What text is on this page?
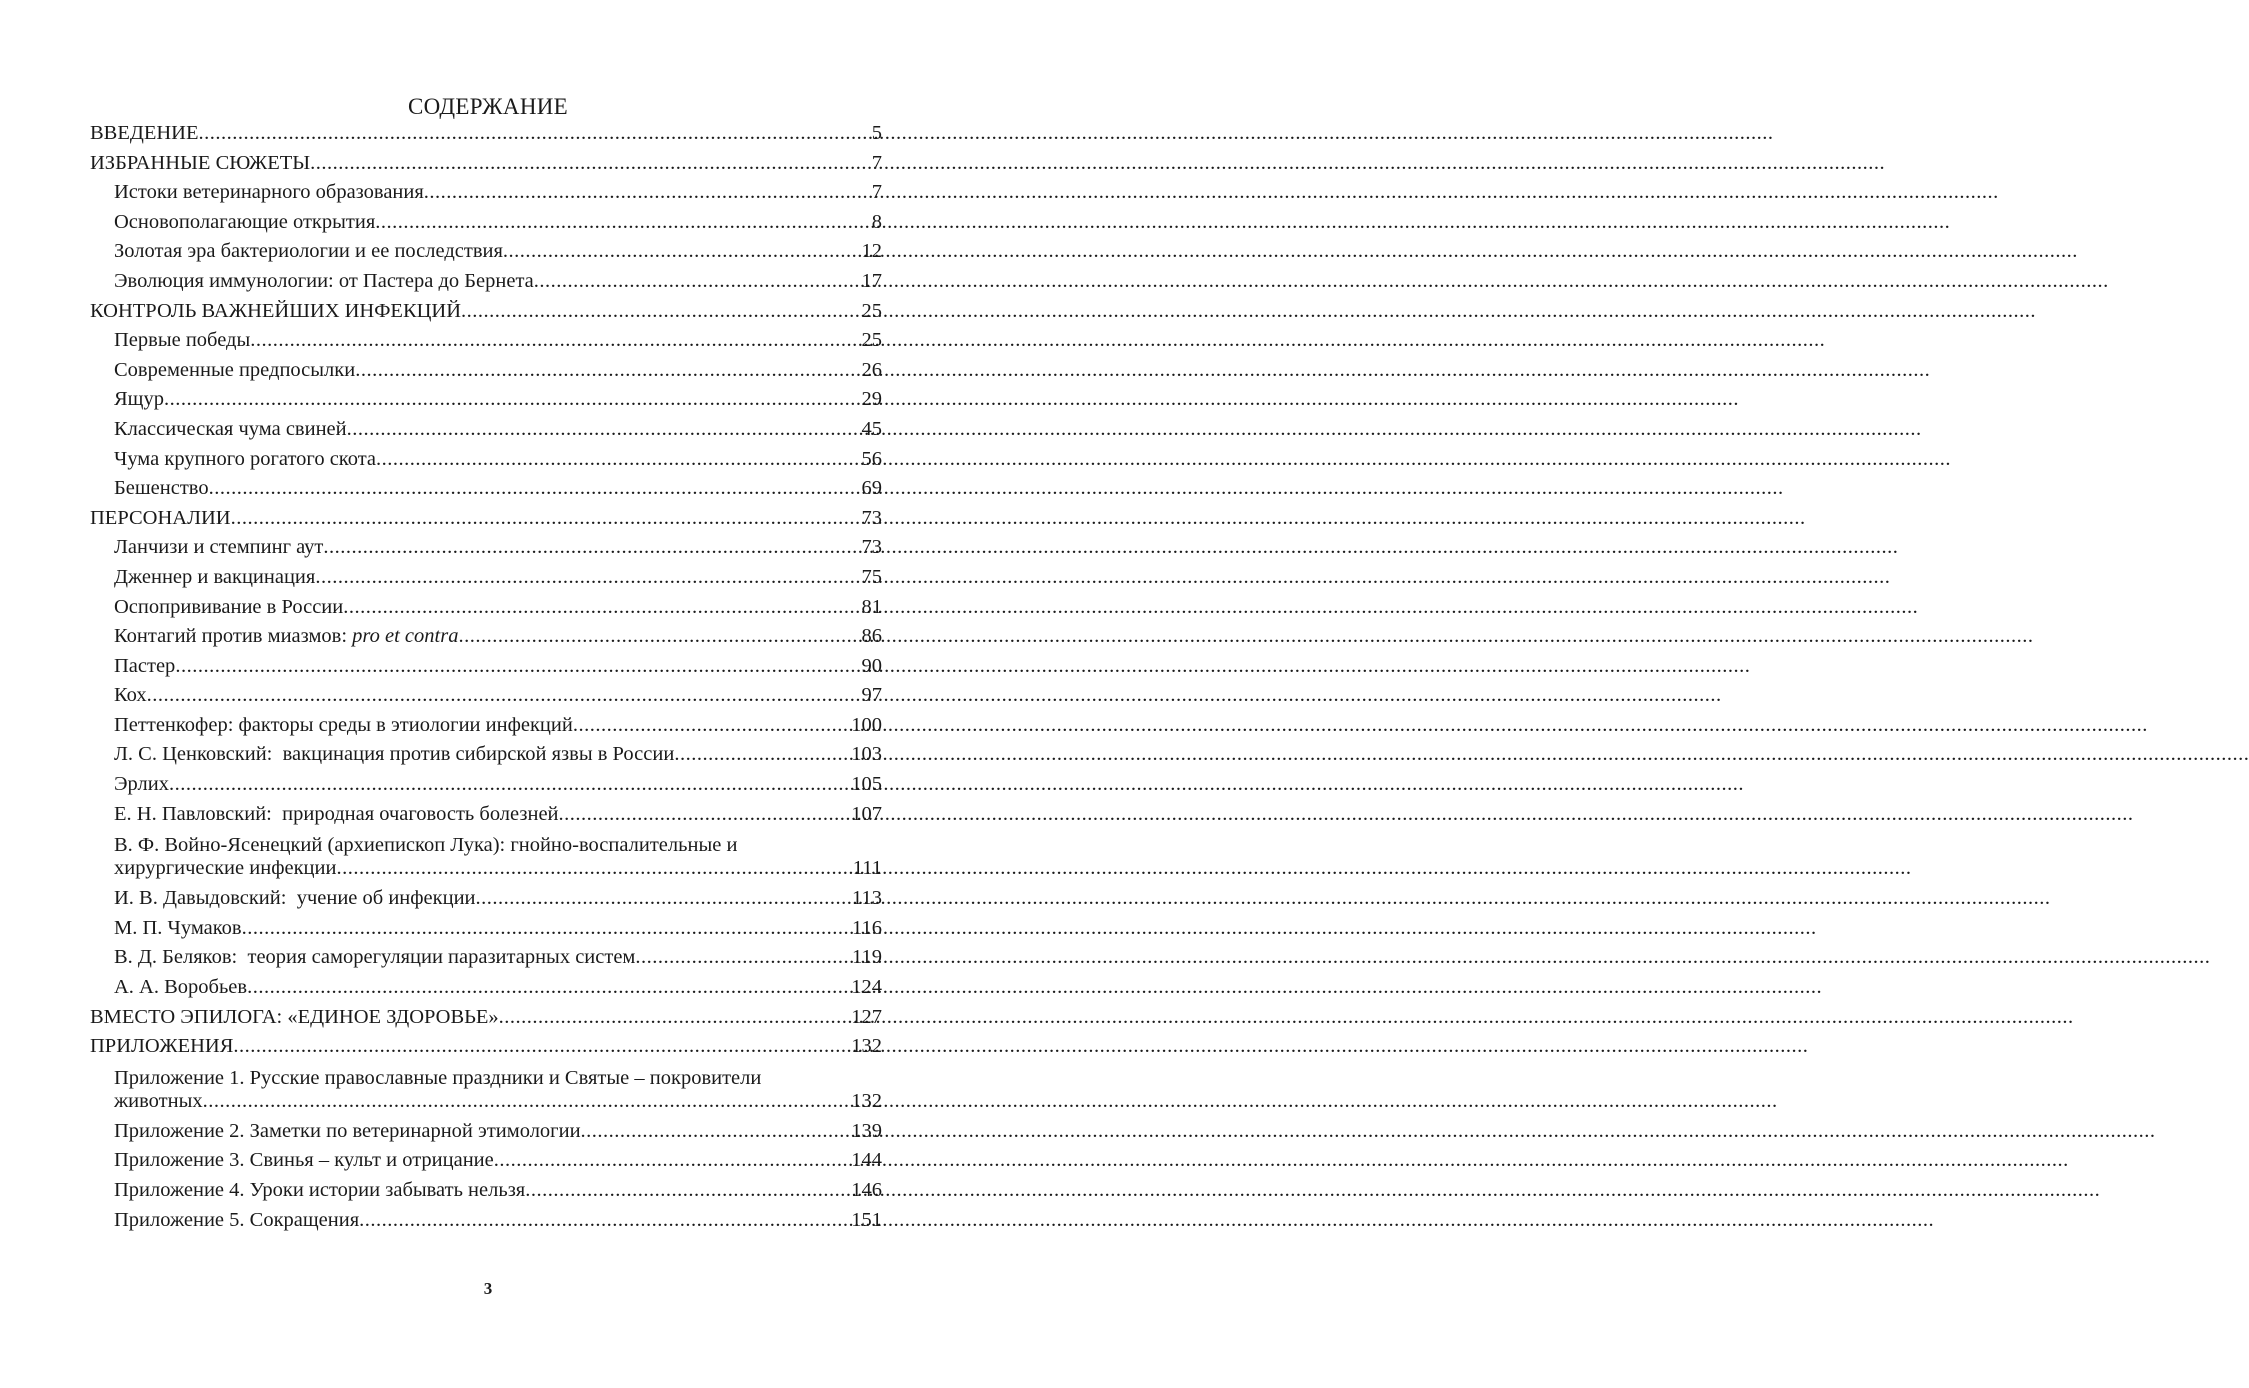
СОДЕРЖАНИЕ
ВВЕДЕНИЕ .....	5
ИЗБРАННЫЕ СЮЖЕТЫ .....	7
Истоки ветеринарного образования .....	7
Основополагающие открытия .....	8
Золотая эра бактериологии и ее последствия .....	12
Эволюция иммунологии: от Пастера до Бернета .....	17
КОНТРОЛЬ ВАЖНЕЙШИХ ИНФЕКЦИЙ .....	25
Первые победы .....	25
Современные предпосылки .....	26
Ящур .....	29
Классическая чума свиней .....	45
Чума крупного рогатого скота .....	56
Бешенство .....	69
ПЕРСОНАЛИИ .....	73
Ланчизи и стемпинг аут .....	73
Дженнер и вакцинация .....	75
Оспопрививание в России .....	81
Контагий против миазмов: pro et contra .....	86
Пастер .....	90
Кох .....	97
Петтенкофер: факторы среды в этиологии инфекций .....	100
Л. С. Ценковский:  вакцинация против сибирской язвы в России .....	103
Эрлих .....	105
Е. Н. Павловский:  природная очаговость болезней .....	107
В. Ф. Войно-Ясенецкий (архиепископ Лука): гнойно-воспалительные и
хирургические инфекции .....	111
И. В. Давыдовский:  учение об инфекции .....	113
М. П. Чумаков .....	116
В. Д. Беляков:  теория саморегуляции паразитарных систем .....	119
А. А. Воробьев .....	124
ВМЕСТО ЭПИЛОГА: «ЕДИНОЕ ЗДОРОВЬЕ» .....	127
ПРИЛОЖЕНИЯ .....	132
Приложение 1. Русские православные праздники и Святые – покровители
животных .....	132
Приложение 2. Заметки по ветеринарной этимологии .....	139
Приложение 3. Свинья – культ и отрицание .....	144
Приложение 4. Уроки истории забывать нельзя .....	146
Приложение 5. Сокращения .....	151
3
